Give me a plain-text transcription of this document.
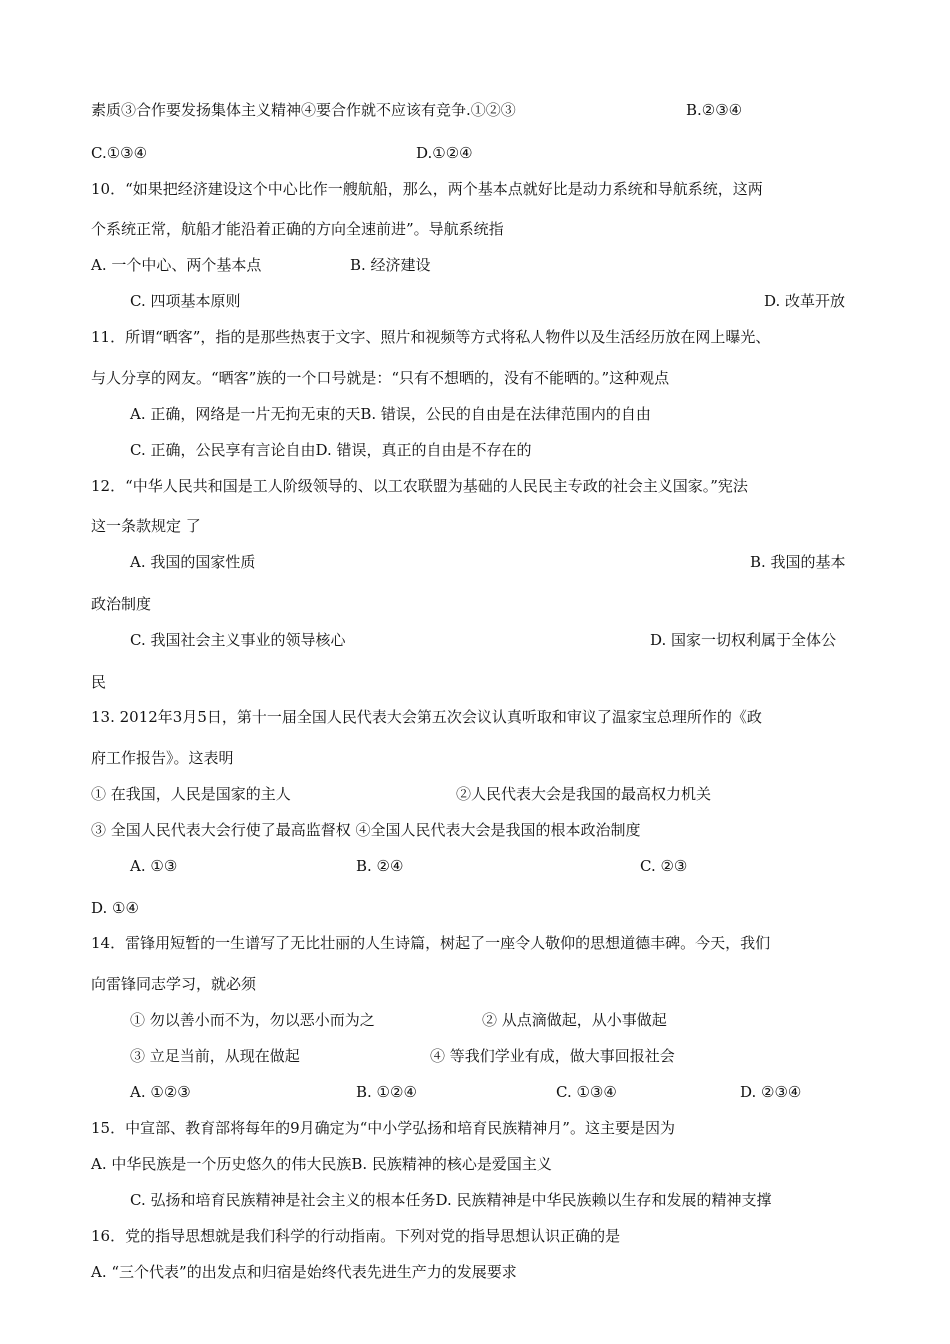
素质③合作要发扬集体主义精神④要合作就不应该有竞争.①②③	B.②③④

C.①③④	D.①②④

10．“如果把经济建设这个中心比作一艘航船，那么，两个基本点就好比是动力系统和导航系统，这两

个系统正常，航船才能沿着正确的方向全速前进”。导航系统指

A. 一个中心、两个基本点	B. 经济建设

C. 四项基本原则	D. 改革开放

11．所谓“晒客”，指的是那些热衷于文字、照片和视频等方式将私人物件以及生活经历放在网上曝光、

与人分享的网友。“晒客”族的一个口号就是：“只有不想晒的，没有不能晒的。”这种观点

A. 正确，网络是一片无拘无束的天B. 错误，公民的自由是在法律范围内的自由

C. 正确，公民享有言论自由D. 错误，真正的自由是不存在的

12．“中华人民共和国是工人阶级领导的、以工农联盟为基础的人民民主专政的社会主义国家。”宪法

这一条款规定 了

A. 我国的国家性质	B. 我国的基本

政治制度

C. 我国社会主义事业的领导核心	D. 国家一切权利属于全体公

民

13. 2012年3月5日，第十一届全国人民代表大会第五次会议认真听取和审议了温家宝总理所作的《政

府工作报告》。这表明

① 在我国，人民是国家的主人	②人民代表大会是我国的最高权力机关

③ 全国人民代表大会行使了最高监督权 ④全国人民代表大会是我国的根本政治制度

A. ①③	B. ②④	C. ②③

D. ①④

14．雷锋用短暂的一生谱写了无比壮丽的人生诗篇，树起了一座令人敬仰的思想道德丰碑。今天，我们

向雷锋同志学习，就必须

① 勿以善小而不为，勿以恶小而为之	② 从点滴做起，从小事做起

③ 立足当前，从现在做起	④ 等我们学业有成，做大事回报社会

A. ①②③	B. ①②④	C. ①③④	D. ②③④

15．中宣部、教育部将每年的9月确定为“中小学弘扬和培育民族精神月”。这主要是因为

A. 中华民族是一个历史悠久的伟大民族B. 民族精神的核心是爱国主义

C. 弘扬和培育民族精神是社会主义的根本任务D. 民族精神是中华民族赖以生存和发展的精神支撑

16．党的指导思想就是我们科学的行动指南。下列对党的指导思想认识正确的是

A. “三个代表”的出发点和归宿是始终代表先进生产力的发展要求
